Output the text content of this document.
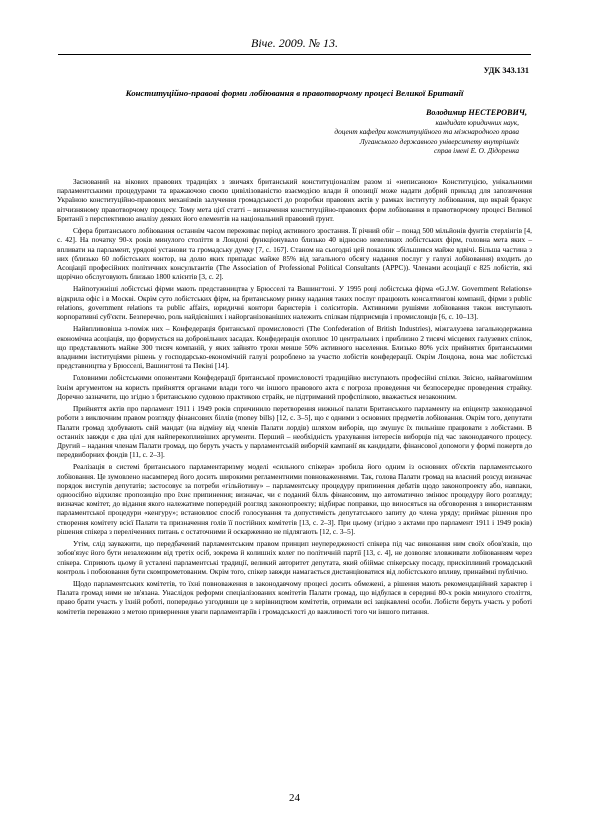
Віче. 2009. № 13.
УДК 343.131
Конституційно-правові форми лобіювання в правотворчому процесі Великої Британії
Володимир НЕСТЕРОВИЧ,
кандидат юридичних наук,
доцент кафедри конституційного та міжнародного права
Луганського державного університету внутрішніх
справ імені Е. О. Дідоренка

Заснований на вікових правових традиціях з звичаях британський конституціоналізм разом зі «неписаною» Конституцією, унікальними парламентськими процедурами та вражаючою своєю цивілізованістю взаємодією влади й опозиції може надати добрий приклад для запозичення Україною конституційно-правових механізмів залучення громадськості до розробки правових актів у рамках інституту лобіювання, що вкрай бракує вітчизняному правотворчому процесу. Тому мета цієї статті – визначення конституційно-правових форм лобіювання в правотворчому процесі Великої Британії з перспективою аналізу деяких його елементів на національний правовий ґрунт.

Сфера британського лобіювання останнім часом переживає період активного зростання. Її річний обіг – понад 500 мільйонів фунтів стерлінгів [4, с. 42]. На початку 90-х років минулого століття в Лондоні функціонувало близько 40 відносно невеликих лобістських фірм, головна мета яких – впливати на парламент, урядові установи та громадську думку [7, с. 167]. Станом на сьогодні цей показник збільшився майже вдвічі. Більша частина з них (близько 60 лобістських контор, на долю яких припадає майже 85% від загального обсягу надання послуг у галузі лобіювання) входить до Асоціації професійних політичних консультантів (The Association of Professional Political Consultants (APPC)). Членами асоціації є 825 лобістів, які щорічно обслуговують близько 1800 клієнтів [3, с. 2].

Найпотужніші лобістські фірми мають представництва у Брюсселі та Вашингтоні. У 1995 році лобістська фірма «G.J.W. Government Relations» відкрила офіс і в Москві. Окрім суто лобістських фірм, на британському ринку надання таких послуг працюють консалтингові компанії, фірми з public relations, government relations та public affairs, юридичні контори баристерів і соліситорів. Активними рушіями лобіювання також виступають корпоративні суб'єкти. Безперечно, роль найдієвіших і найорганізованіших належить спілкам підприємців і промисловців [6, с. 10–13].

Найвпливовіша з-поміж них – Конфедерація британської промисловості (The Confederation of British Industries), міжгалузева загальнодержавна економічна асоціація, що формується на добровільних засадах. Конфедерація охоплює 10 центральних і приблизно 2 тисячі місцевих галузевих спілок, що представляють майже 300 тисяч компаній, у яких зайнято трохи менше 50% активного населення. Близько 80% усіх прийнятих британськими владними інституціями рішень у господарсько-економічній галузі розроблено за участю лобістів конфедерації. Окрім Лондона, вона має лобістські представництва у Брюсселі, Вашингтоні та Пекіні [14].

Головними лобістськими опонентами Конфедерації британської промисловості традиційно виступають професійні спілки. Звісно, найвагомішим їхнім аргументом на користь прийняття органами влади того чи іншого правового акта є погроза проведення чи безпосереднє проведення страйку. Доречно зазначити, що згідно з британською судовою практикою страйк, не підтриманий профспілкою, вважається незаконним.

Прийняття актів про парламент 1911 і 1949 років спричинило перетворення нижньої палати Британського парламенту на епіцентр законодавчої роботи з виключним правом розгляду фінансових біллів (money bills) [12, с. 3–5], що є одними з основних предметів лобіювання. Окрім того, депутати Палати громад здобувають свій мандат (на відміну від членів Палати лордів) шляхом виборів, що змушує їх пильніше працювати з лобістами. В останніх завжди є два цілі для найперекопливіших аргументи. Перший – необхідність урахування інтересів виборців під час законодавчого процесу. Другий – надання членам Палати громад, що беруть участь у парламентській виборчій кампанії як кандидати, фінансової допомоги у формі пожертв до передвиборних фондів [11, с. 2–3].

Реалізація в системі британського парламентаризму моделі «сильного спікера» зробила його одним із основних об'єктів парламентського лобіювання. Це зумовлено насамперед його досить широкими регламентними повноваженнями. Так, голова Палати громад на власний розсуд визначає порядок виступів депутатів; застосовує за потреби «гільйотину» – парламентську процедуру припинення дебатів щодо законопроекту або, навпаки, одноосібно відхиляє пропозицію про їхнє припинення; визначає, чи є поданий білль фінансовим, що автоматично змінює процедуру його розгляду; визначає комітет, до відання якого належатиме попередній розгляд законопроекту; відбирає поправки, що виносяться на обговорення з використанням парламентської процедури «кенгуру»; встановлює спосіб голосування та допустимість депутатського запиту до члена уряду; приймає рішення про створення комітету всієї Палати та призначення голів її постійних комітетів [13, с. 2–3]. При цьому (згідно з актами про парламент 1911 і 1949 років) рішення спікера з переліченних питань є остаточними й оскарженню не підлягають [12, с. 3–5].

Утім, слід зауважити, що передбачений парламентським правом принцип неупередженості спікера під час виконання ним своїх обов'язків, що зобов'язує його бути незалежним від третіх осіб, зокрема й колишніх колег по політичній партії [13, с. 4], не дозволяє зловживати лобіюванням через спікера. Сприяють цьому й усталені парламентські традиції, великий авторитет депутата, який обіймає спікерську посаду, прискіпливий громадський контроль і побоювання бути скомпрометованим. Окрім того, спікер завжди намагається дистанціюватися від лобістського впливу, принаймні публічно.

Щодо парламентських комітетів, то їхні повноваження в законодавчому процесі досить обмежені, а рішення мають рекомендаційний характер і Палата громад ними не зв'язана. Унаслідок реформи спеціалізованих комітетів Палати громад, що відбулася в середині 80-х років минулого століття, право брати участь у їхній роботі, попередньо узгодивши це з керівництвом комітетів, отримали всі зацікавлені особи. Лобісти беруть участь у роботі комітетів переважно з метою привернення уваги парламентаріїв і громадськості до важливості того чи іншого питання.

24
